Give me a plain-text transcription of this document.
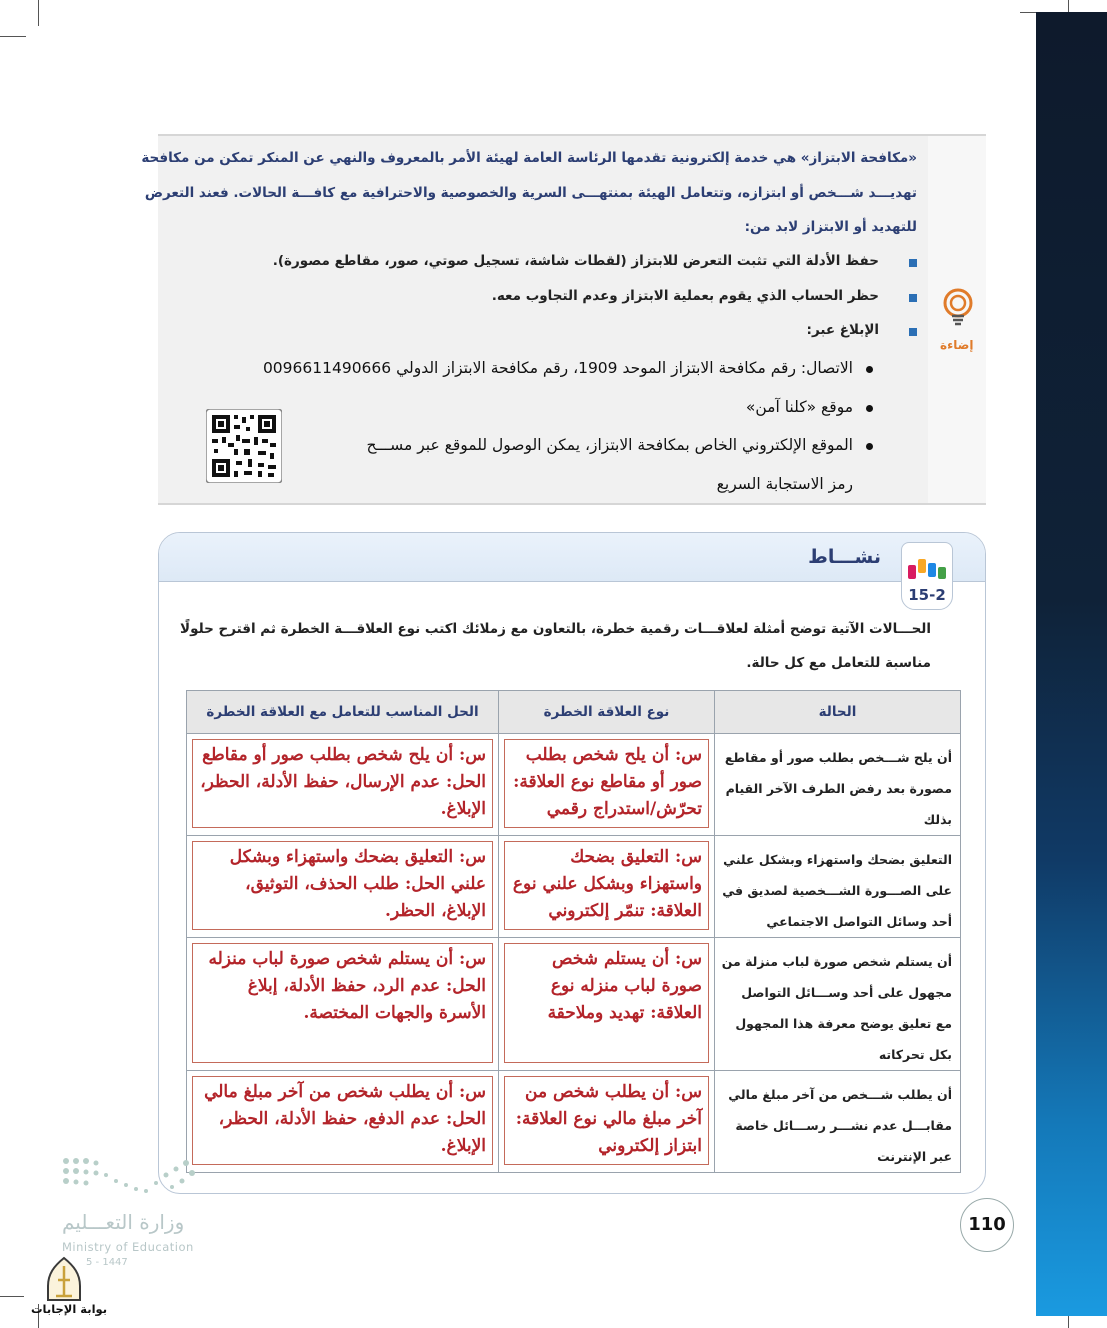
إضاءة
«مكافحة الابتزاز» هي خدمة إلكترونية تقدمها الرئاسة العامة لهيئة الأمر بالمعروف والنهي عن المنكر تمكن من مكافحة
تهديـــد شـــخص أو ابتزازه، وتتعامل الهيئة بمنتهـــى السرية والخصوصية والاحترافية مع كافـــة الحالات. فعند التعرض
للتهديد أو الابتزاز لابد من:
حفظ الأدلة التي تثبت التعرض للابتزاز (لقطات شاشة، تسجيل صوتي، صور، مقاطع مصورة).
حظر الحساب الذي يقوم بعملية الابتزاز وعدم التجاوب معه.
الإبلاغ عبر:
الاتصال: رقم مكافحة الابتزاز الموحد 1909، رقم مكافحة الابتزاز الدولي 0096611490666
موقع «كلنا آمن»
الموقع الإلكتروني الخاص بمكافحة الابتزاز، يمكن الوصول للموقع عبر مســـح
رمز الاستجابة السريع
نشـــاط
15-2
الحـــالات الآتية توضح أمثلة لعلاقـــات رقمية خطرة، بالتعاون مع زملائك اكتب نوع العلاقـــة الخطرة ثم اقترح حلولًا
مناسبة للتعامل مع كل حالة.
الحالة	نوع العلاقة الخطرة	الحل المناسب للتعامل مع العلاقة الخطرة
أن يلح شـــخص بطلب صور أو مقاطع مصورة بعد رفض الطرف الآخر القيام بذلك	س: أن يلح شخص بطلب صور أو مقاطع نوع العلاقة: تحرّش/استدراج رقمي	س: أن يلح شخص بطلب صور أو مقاطع الحل: عدم الإرسال، حفظ الأدلة، الحظر، الإبلاغ.

التعليق بضحك واستهزاء وبشكل علني على الصـــورة الشـــخصية لصديق في أحد وسائل التواصل الاجتماعي	س: التعليق بضحك واستهزاء وبشكل علني نوع العلاقة: تنمّر إلكتروني	س: التعليق بضحك واستهزاء وبشكل علني الحل: طلب الحذف، التوثيق، الإبلاغ، الحظر.

أن يستلم شخص صورة لباب منزلة من مجهول على أحد وســـائل التواصل مع تعليق يوضح معرفة هذا المجهول بكل تحركاته	س: أن يستلم شخص صورة لباب منزله نوع العلاقة: تهديد وملاحقة	س: أن يستلم شخص صورة لباب منزله الحل: عدم الرد، حفظ الأدلة، إبلاغ الأسرة والجهات المختصة.

أن يطلب شـــخص من آخر مبلغ مالي مقابـــل عدم نشـــر رســـائل خاصة عبر الإنترنت	س: أن يطلب شخص من آخر مبلغ مالي نوع العلاقة: ابتزاز إلكتروني	س: أن يطلب شخص من آخر مبلغ مالي الحل: عدم الدفع، حفظ الأدلة، الحظر، الإبلاغ.
110
وزارة التعـــليم
Ministry of Education
5 - 1447
بوابة الإجابات
